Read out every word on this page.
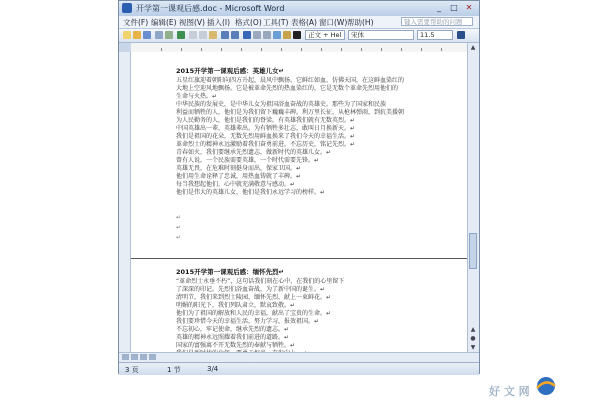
开学第一课观后感.doc - Microsoft Word	_	□ ✕
文件(F) 编辑(E) 视图(V) 插入(I) 格式(O) 工具(T) 表格(A) 窗口(W) 帮助(H)	键入需要帮助的问题
正文 + Hel	宋体	11.5
2015开学第一课观后感：英雄儿女↵
五星红旗迎着朝阳向四方升起，晨风中飘扬。它鲜红如血，仿佛天国，在这鲜血染红的
大地上空迎风地飘扬。它是被革命先烈的热血染红的，它是无数个革命先烈用他们的
生命与火热。↵
中华民族的发展史，是中华儿女为祖国浴血奋战的英雄史。那些为了国家和民族
利益而牺牲的人，他们是为我们留下巍巍丰碑。利万里长征，从枪林弹雨，到抗美援朝
为人民勤务的人，他们是我们的脊梁。有英雄我们就有无数英烈。↵
中国英雄出一辈，英雄辈出。为有牺牲多壮志，敢叫日月换新天。↵
我们是祖国的花朵，无数先烈用鲜血换来了我们今天的幸福生活。↵
革命烈士的精神永远激励着我们奋勇前进，不忘历史，铭记先烈。↵
青春如火，我们要继承先烈遗志，做新时代的英雄儿女。↵
曾有人说，一个民族需要英雄，一个时代需要先锋。↵
英雄无畏，在危难时刻挺身而出，保家卫国。↵
他们用生命诠释了忠诚，用热血铸就了丰碑。↵
每当我想起他们，心中就充满敬意与感动。↵
他们是伟大的英雄儿女，他们是我们永远学习的榜样。↵
↵
↵
↵
2015开学第一课观后感：缅怀先烈↵
“革命烈士永垂不朽”，这句话我们刻在心中，在我们的心里留下
了深深的印记。先烈们浴血奋战，为了新中国的诞生。↵
清明节，我们来到烈士陵园，缅怀先烈，献上一束鲜花。↵
明媚的阳光下，我们列队肃立，默哀致敬。↵
他们为了祖国的解放和人民的幸福，献出了宝贵的生命。↵
我们要珍惜今天的幸福生活，努力学习，报效祖国。↵
不忘初心，牢记使命，继承先烈的遗志。↵
英雄的精神永远照耀着我们前进的道路。↵
国家的富强离不开无数先烈的奉献与牺牲。↵
▲
▲
●
▼
3 页	1 节	3/4
好 文 网
